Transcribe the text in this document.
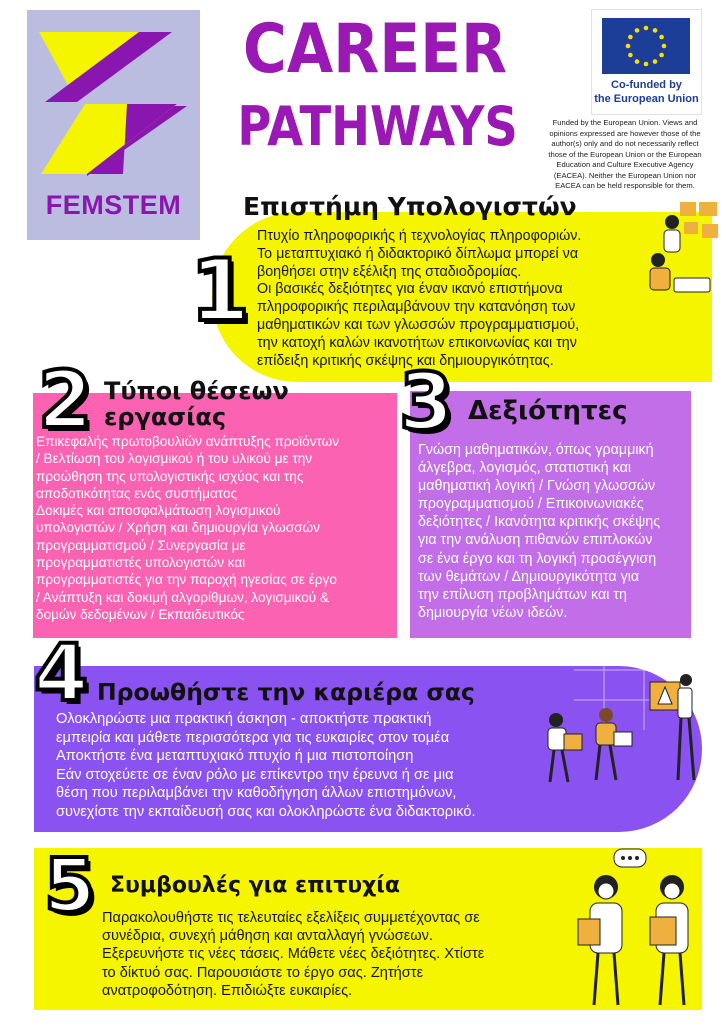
FEMSTEM
CAREER
PATHWAYS
Co-funded by
the European Union
Funded by the European Union. Views and
opinions expressed are however those of the
author(s) only and do not necessarily reflect
those of the European Union or the European
Education and Culture Executive Agency
(EACEA). Neither the European Union nor
EACEA can be held responsible for them.
Επιστήμη Υπολογιστών
1
Πτυχίο πληροφορικής ή τεχνολογίας πληροφοριών.
Το μεταπτυχιακό ή διδακτορικό δίπλωμα μπορεί να
βοηθήσει στην εξέλιξη της σταδιοδρομίας.
Οι βασικές δεξιότητες για έναν ικανό επιστήμονα
πληροφορικής περιλαμβάνουν την κατανόηση των
μαθηματικών και των γλωσσών προγραμματισμού,
την κατοχή καλών ικανοτήτων επικοινωνίας και την
επίδειξη κριτικής σκέψης και δημιουργικότητας.
2 Τύποι θέσεων
εργασίας
Επικεφαλής πρωτοβουλιών ανάπτυξης προϊόντων
/ Βελτίωση του λογισμικού ή του υλικού με την
προώθηση της υπολογιστικής ισχύος και της
αποδοτικότητας ενός συστήματος
Δοκιμές και αποσφαλμάτωση λογισμικού
υπολογιστών / Χρήση και δημιουργία γλωσσών
προγραμματισμού / Συνεργασία με
προγραμματιστές υπολογιστών και
προγραμματιστές για την παροχή ηγεσίας σε έργο
/ Ανάπτυξη και δοκιμή αλγορίθμων, λογισμικού &
δομών δεδομένων / Εκπαιδευτικός
3 Δεξιότητες
Γνώση μαθηματικών, όπως γραμμική
άλγεβρα, λογισμός, στατιστική και
μαθηματική λογική / Γνώση γλωσσών
προγραμματισμού / Επικοινωνιακές
δεξιότητες / Ικανότητα κριτικής σκέψης
για την ανάλυση πιθανών επιπλοκών
σε ένα έργο και τη λογική προσέγγιση
των θεμάτων / Δημιουργικότητα για
την επίλυση προβλημάτων και τη
δημιουργία νέων ιδεών.
4 Προωθήστε την καριέρα σας
Ολοκληρώστε μια πρακτική άσκηση - αποκτήστε πρακτική
εμπειρία και μάθετε περισσότερα για τις ευκαιρίες στον τομέα
Αποκτήστε ένα μεταπτυχιακό πτυχίο ή μια πιστοποίηση
Εάν στοχεύετε σε έναν ρόλο με επίκεντρο την έρευνα ή σε μια
θέση που περιλαμβάνει την καθοδήγηση άλλων επιστημόνων,
συνεχίστε την εκπαίδευσή σας και ολοκληρώστε ένα διδακτορικό.
5 Συμβουλές για επιτυχία
Παρακολουθήστε τις τελευταίες εξελίξεις συμμετέχοντας σε
συνέδρια, συνεχή μάθηση και ανταλλαγή γνώσεων.
Εξερευνήστε τις νέες τάσεις. Μάθετε νέες δεξιότητες. Χτίστε
το δίκτυό σας. Παρουσιάστε το έργο σας. Ζητήστε
ανατροφοδότηση. Επιδιώξτε ευκαιρίες.
